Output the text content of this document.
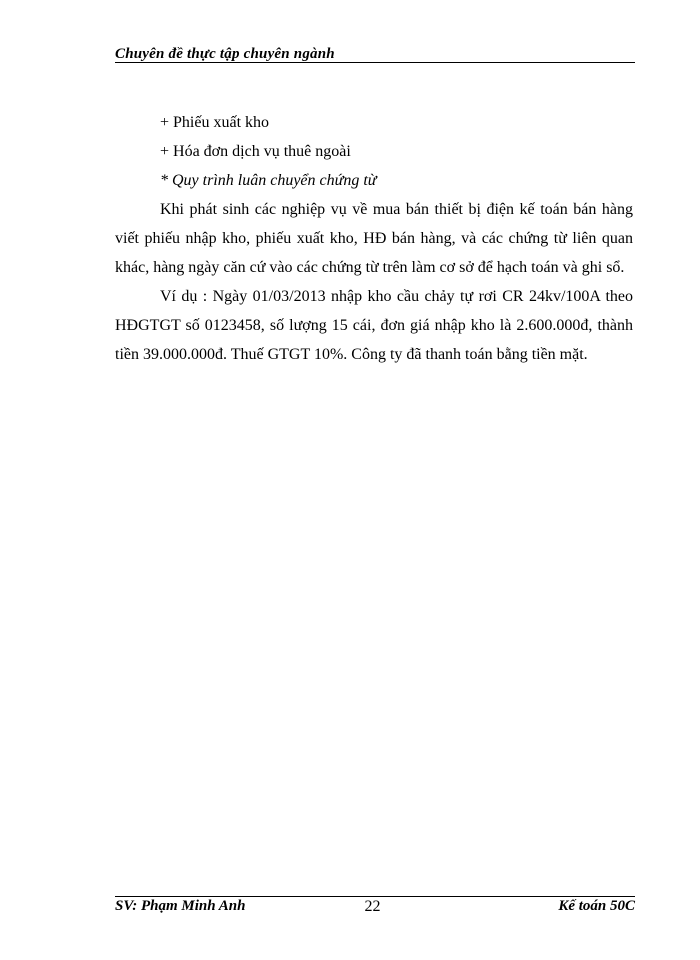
Chuyên đề thực tập chuyên ngành

+ Phiếu xuất kho

+ Hóa đơn dịch vụ thuê ngoài

* Quy trình luân chuyển chứng từ

Khi phát sinh các nghiệp vụ về mua bán thiết bị điện kế toán bán hàng viết phiếu nhập kho, phiếu xuất kho, HĐ bán hàng, và các chứng từ liên quan khác, hàng ngày căn cứ vào các chứng từ trên làm cơ sở để hạch toán và ghi sổ.

Ví dụ : Ngày 01/03/2013 nhập kho cầu chảy tự rơi CR 24kv/100A theo HĐGTGT số 0123458, số lượng 15 cái, đơn giá nhập kho là 2.600.000đ, thành tiền 39.000.000đ. Thuế GTGT 10%. Công ty đã thanh toán bằng tiền mặt.

SV: Phạm Minh Anh	22	Kế toán 50C
